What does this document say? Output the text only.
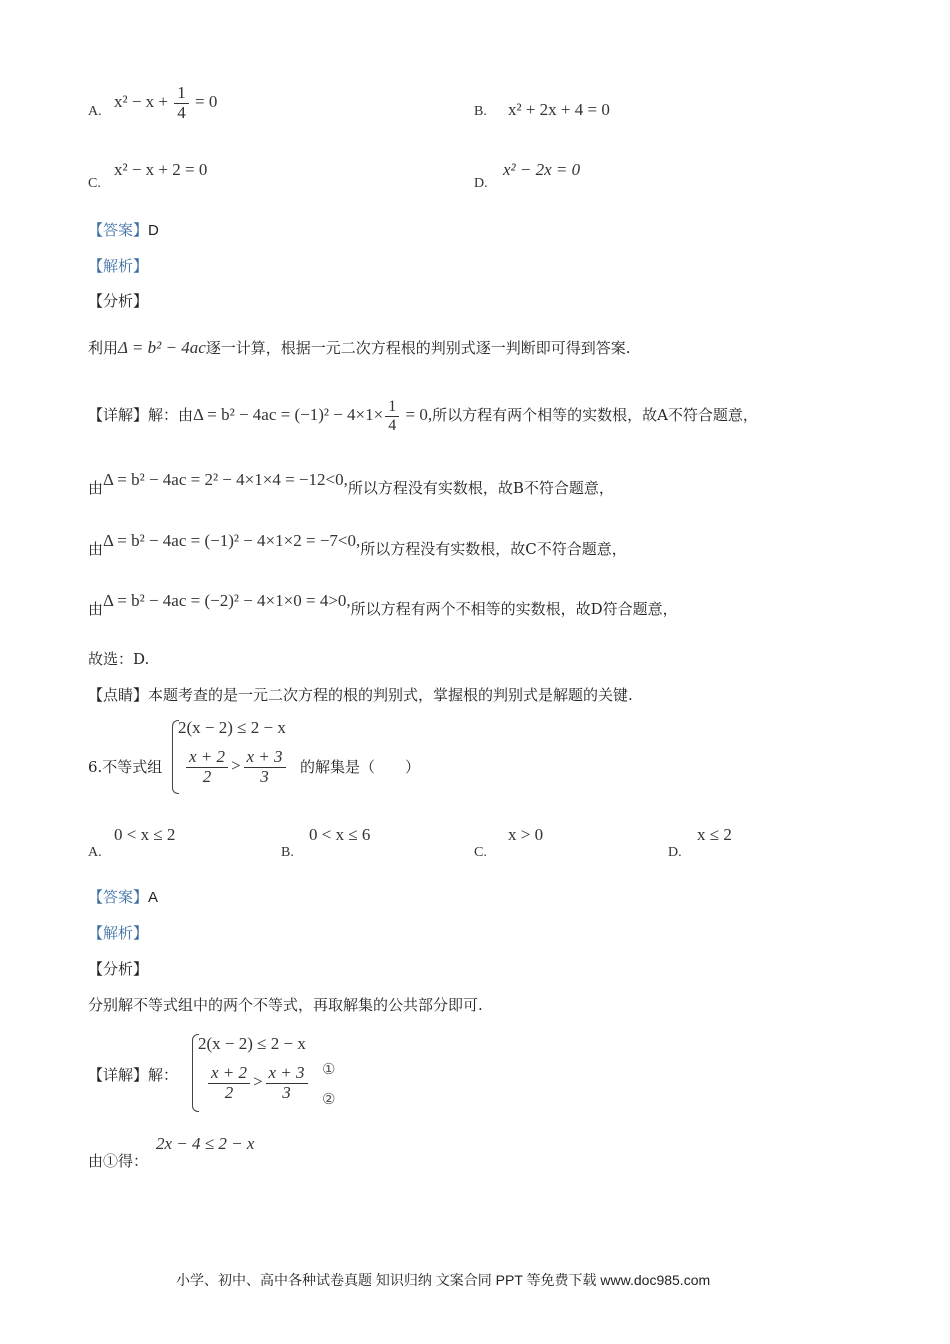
A.
$x^2 - x + \frac{1}{4} = 0$
B. x² + 2x + 4 = 0
C.
x² − x + 2 = 0
D.
x² − 2x = 0
【答案】D
【解析】
【分析】
利用Δ = b² − 4ac逐一计算，根据一元二次方程根的判别式逐一判断即可得到答案.
【详解】解：由$\Delta = b^2 - 4ac = (-1)^2 - 4\times 1\times \frac{1}{4} = 0$,所以方程有两个相等的实数根，故A不符合题意，
由Δ = b² − 4ac = 2² − 4×1×4 = −12<0,所以方程没有实数根，故B不符合题意，
由Δ = b² − 4ac = (−1)² − 4×1×2 = −7<0,所以方程没有实数根，故C不符合题意，
由Δ = b² − 4ac = (−2)² − 4×1×0 = 4>0,所以方程有两个不相等的实数根，故D符合题意，
故选：D.
【点睛】本题考查的是一元二次方程的根的判别式，掌握根的判别式是解题的关键.
6.不等式组
2(x − 2) ≤ 2 − x
$\frac{x + 2}{2} > \frac{x + 3}{3}$ 的解集是（　　）
A.
0 < x ≤ 2
B.
0 < x ≤ 6
C.
x > 0
D.
x ≤ 2
【答案】A
【解析】
【分析】
分别解不等式组中的两个不等式，再取解集的公共部分即可.
【详解】解：
2(x − 2) ≤ 2 − x
$\frac{x + 2}{2} > \frac{x + 3}{3}$ ①
②
由①得：
2x − 4 ≤ 2 − x
小学、初中、高中各种试卷真题 知识归纳 文案合同 PPT 等免费下载 www.doc985.com
